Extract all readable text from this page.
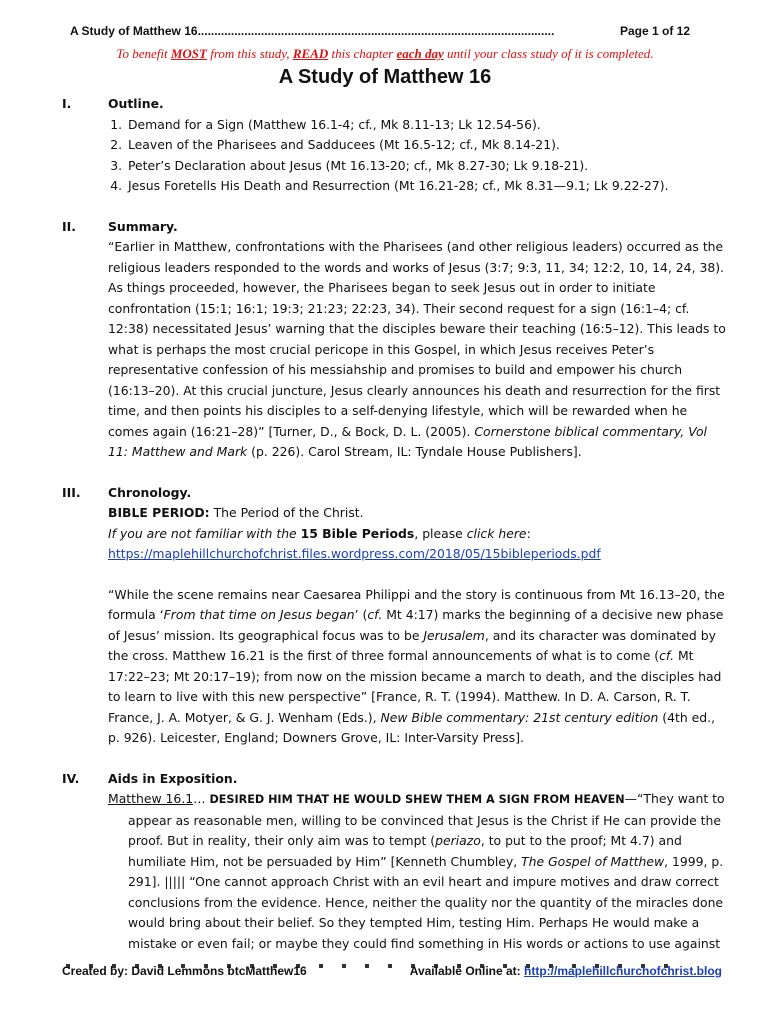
A Study of Matthew 16 ...........................................................................................................	Page 1 of 12
To benefit MOST from this study, READ this chapter each day until your class study of it is completed.
A Study of Matthew 16
I.	Outline.
1. Demand for a Sign (Matthew 16.1-4; cf., Mk 8.11-13; Lk 12.54-56).
2. Leaven of the Pharisees and Sadducees (Mt 16.5-12; cf., Mk 8.14-21).
3. Peter’s Declaration about Jesus (Mt 16.13-20; cf., Mk 8.27-30; Lk 9.18-21).
4. Jesus Foretells His Death and Resurrection (Mt 16.21-28; cf., Mk 8.31—9.1; Lk 9.22-27).
II.	Summary.

“Earlier in Matthew, confrontations with the Pharisees (and other religious leaders) occurred as the religious leaders responded to the words and works of Jesus (3:7; 9:3, 11, 34; 12:2, 10, 14, 24, 38). As things proceeded, however, the Pharisees began to seek Jesus out in order to initiate confrontation (15:1; 16:1; 19:3; 21:23; 22:23, 34). Their second request for a sign (16:1–4; cf. 12:38) necessitated Jesus’ warning that the disciples beware their teaching (16:5–12). This leads to what is perhaps the most crucial pericope in this Gospel, in which Jesus receives Peter’s representative confession of his messiahship and promises to build and empower his church (16:13–20). At this crucial juncture, Jesus clearly announces his death and resurrection for the first time, and then points his disciples to a self-denying lifestyle, which will be rewarded when he comes again (16:21–28)” [Turner, D., & Bock, D. L. (2005). Cornerstone biblical commentary, Vol 11: Matthew and Mark (p. 226). Carol Stream, IL: Tyndale House Publishers].

III. Chronology.
BIBLE PERIOD: The Period of the Christ.
If you are not familiar with the 15 Bible Periods, please click here:
https://maplehillchurchofchrist.files.wordpress.com/2018/05/15bibleperiods.pdf

“While the scene remains near Caesarea Philippi and the story is continuous from Mt 16.13–20, the formula ‘From that time on Jesus began’ (cf. Mt 4:17) marks the beginning of a decisive new phase of Jesus’ mission. Its geographical focus was to be Jerusalem, and its character was dominated by the cross. Matthew 16.21 is the first of three formal announcements of what is to come (cf. Mt 17:22–23; Mt 20:17–19); from now on the mission became a march to death, and the disciples had to learn to live with this new perspective” [France, R. T. (1994). Matthew. In D. A. Carson, R. T. France, J. A. Motyer, & G. J. Wenham (Eds.), New Bible commentary: 21st century edition (4th ed., p. 926). Leicester, England; Downers Grove, IL: Inter-Varsity Press].

IV. Aids in Exposition.

Matthew 16.1… DESIRED HIM THAT HE WOULD SHEW THEM A SIGN FROM HEAVEN—“They want to appear as reasonable men, willing to be convinced that Jesus is the Christ if He can provide the proof. But in reality, their only aim was to tempt (periazo, to put to the proof; Mt 4.7) and humiliate Him, not be persuaded by Him” [Kenneth Chumbley, The Gospel of Matthew, 1999, p. 291]. ||||| “One cannot approach Christ with an evil heart and impure motives and draw correct conclusions from the evidence. Hence, neither the quality nor the quantity of the miracles done would bring about their belief. So they tempted Him, testing Him. Perhaps He would make a mistake or even fail; or maybe they could find something in His words or actions to use against

Created by: David Lemmons btcMatthew16	Available Online at: http://maplehillchurchofchrist.blog
